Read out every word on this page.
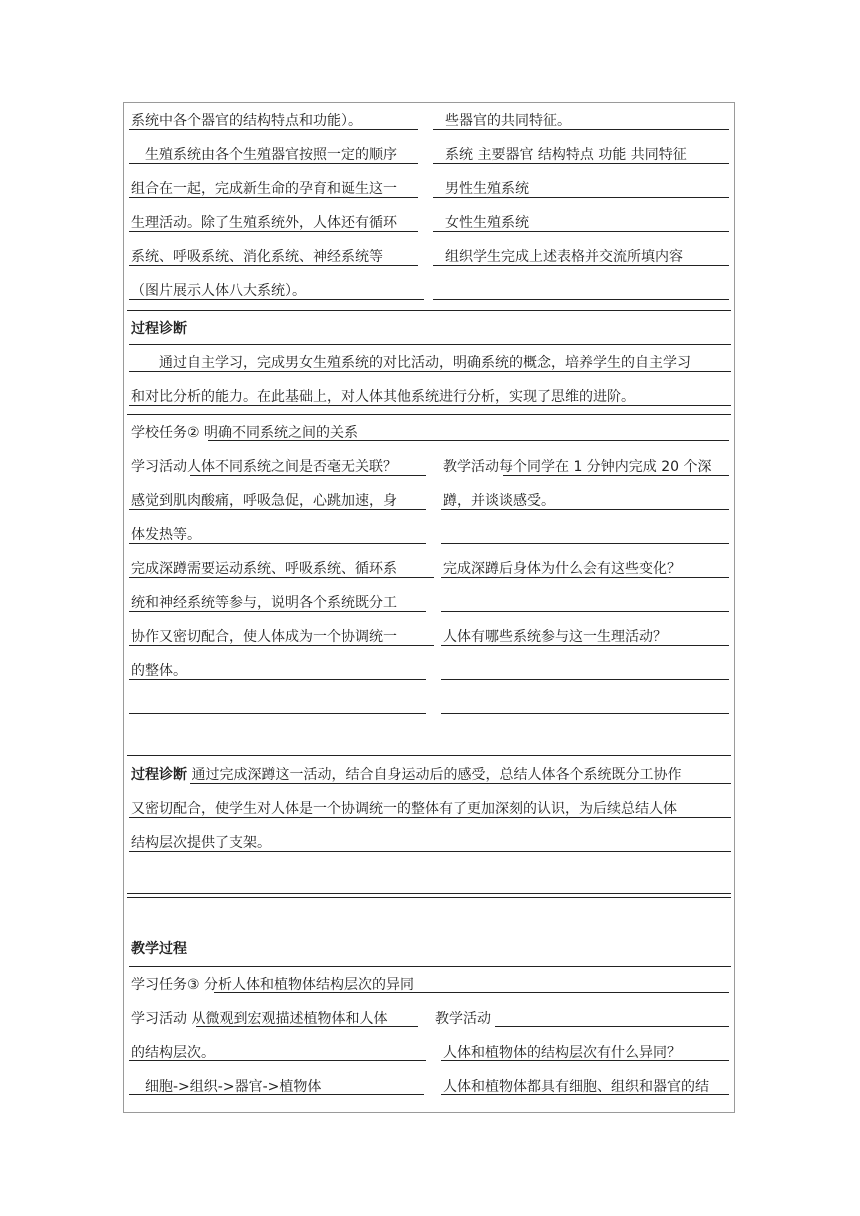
系统中各个器官的结构特点和功能）。
　生殖系统由各个生殖器官按照一定的顺序
组合在一起，完成新生命的孕育和诞生这一
生理活动。除了生殖系统外，人体还有循环
系统、呼吸系统、消化系统、神经系统等
（图片展示人体八大系统）。
　些器官的共同特征。
　系统 主要器官 结构特点 功能 共同特征
　男性生殖系统
　女性生殖系统
　组织学生完成上述表格并交流所填内容
过程诊断
　　通过自主学习，完成男女生殖系统的对比活动，明确系统的概念，培养学生的自主学习
和对比分析的能力。在此基础上，对人体其他系统进行分析，实现了思维的进阶。
学校任务② 明确不同系统之间的关系
学习活动人体不同系统之间是否毫无关联？
感觉到肌肉酸痛，呼吸急促，心跳加速，身
体发热等。
完成深蹲需要运动系统、呼吸系统、循环系
统和神经系统等参与，说明各个系统既分工
协作又密切配合，使人体成为一个协调统一
的整体。
教学活动每个同学在 1 分钟内完成 20 个深
蹲，并谈谈感受。
完成深蹲后身体为什么会有这些变化？
人体有哪些系统参与这一生理活动？
过程诊断 通过完成深蹲这一活动，结合自身运动后的感受，总结人体各个系统既分工协作
又密切配合，使学生对人体是一个协调统一的整体有了更加深刻的认识，为后续总结人体
结构层次提供了支架。
教学过程
学习任务③ 分析人体和植物体结构层次的异同
学习活动 从微观到宏观描述植物体和人体
的结构层次。
　细胞->组织->器官->植物体
教学活动
人体和植物体的结构层次有什么异同？
人体和植物体都具有细胞、组织和器官的结
